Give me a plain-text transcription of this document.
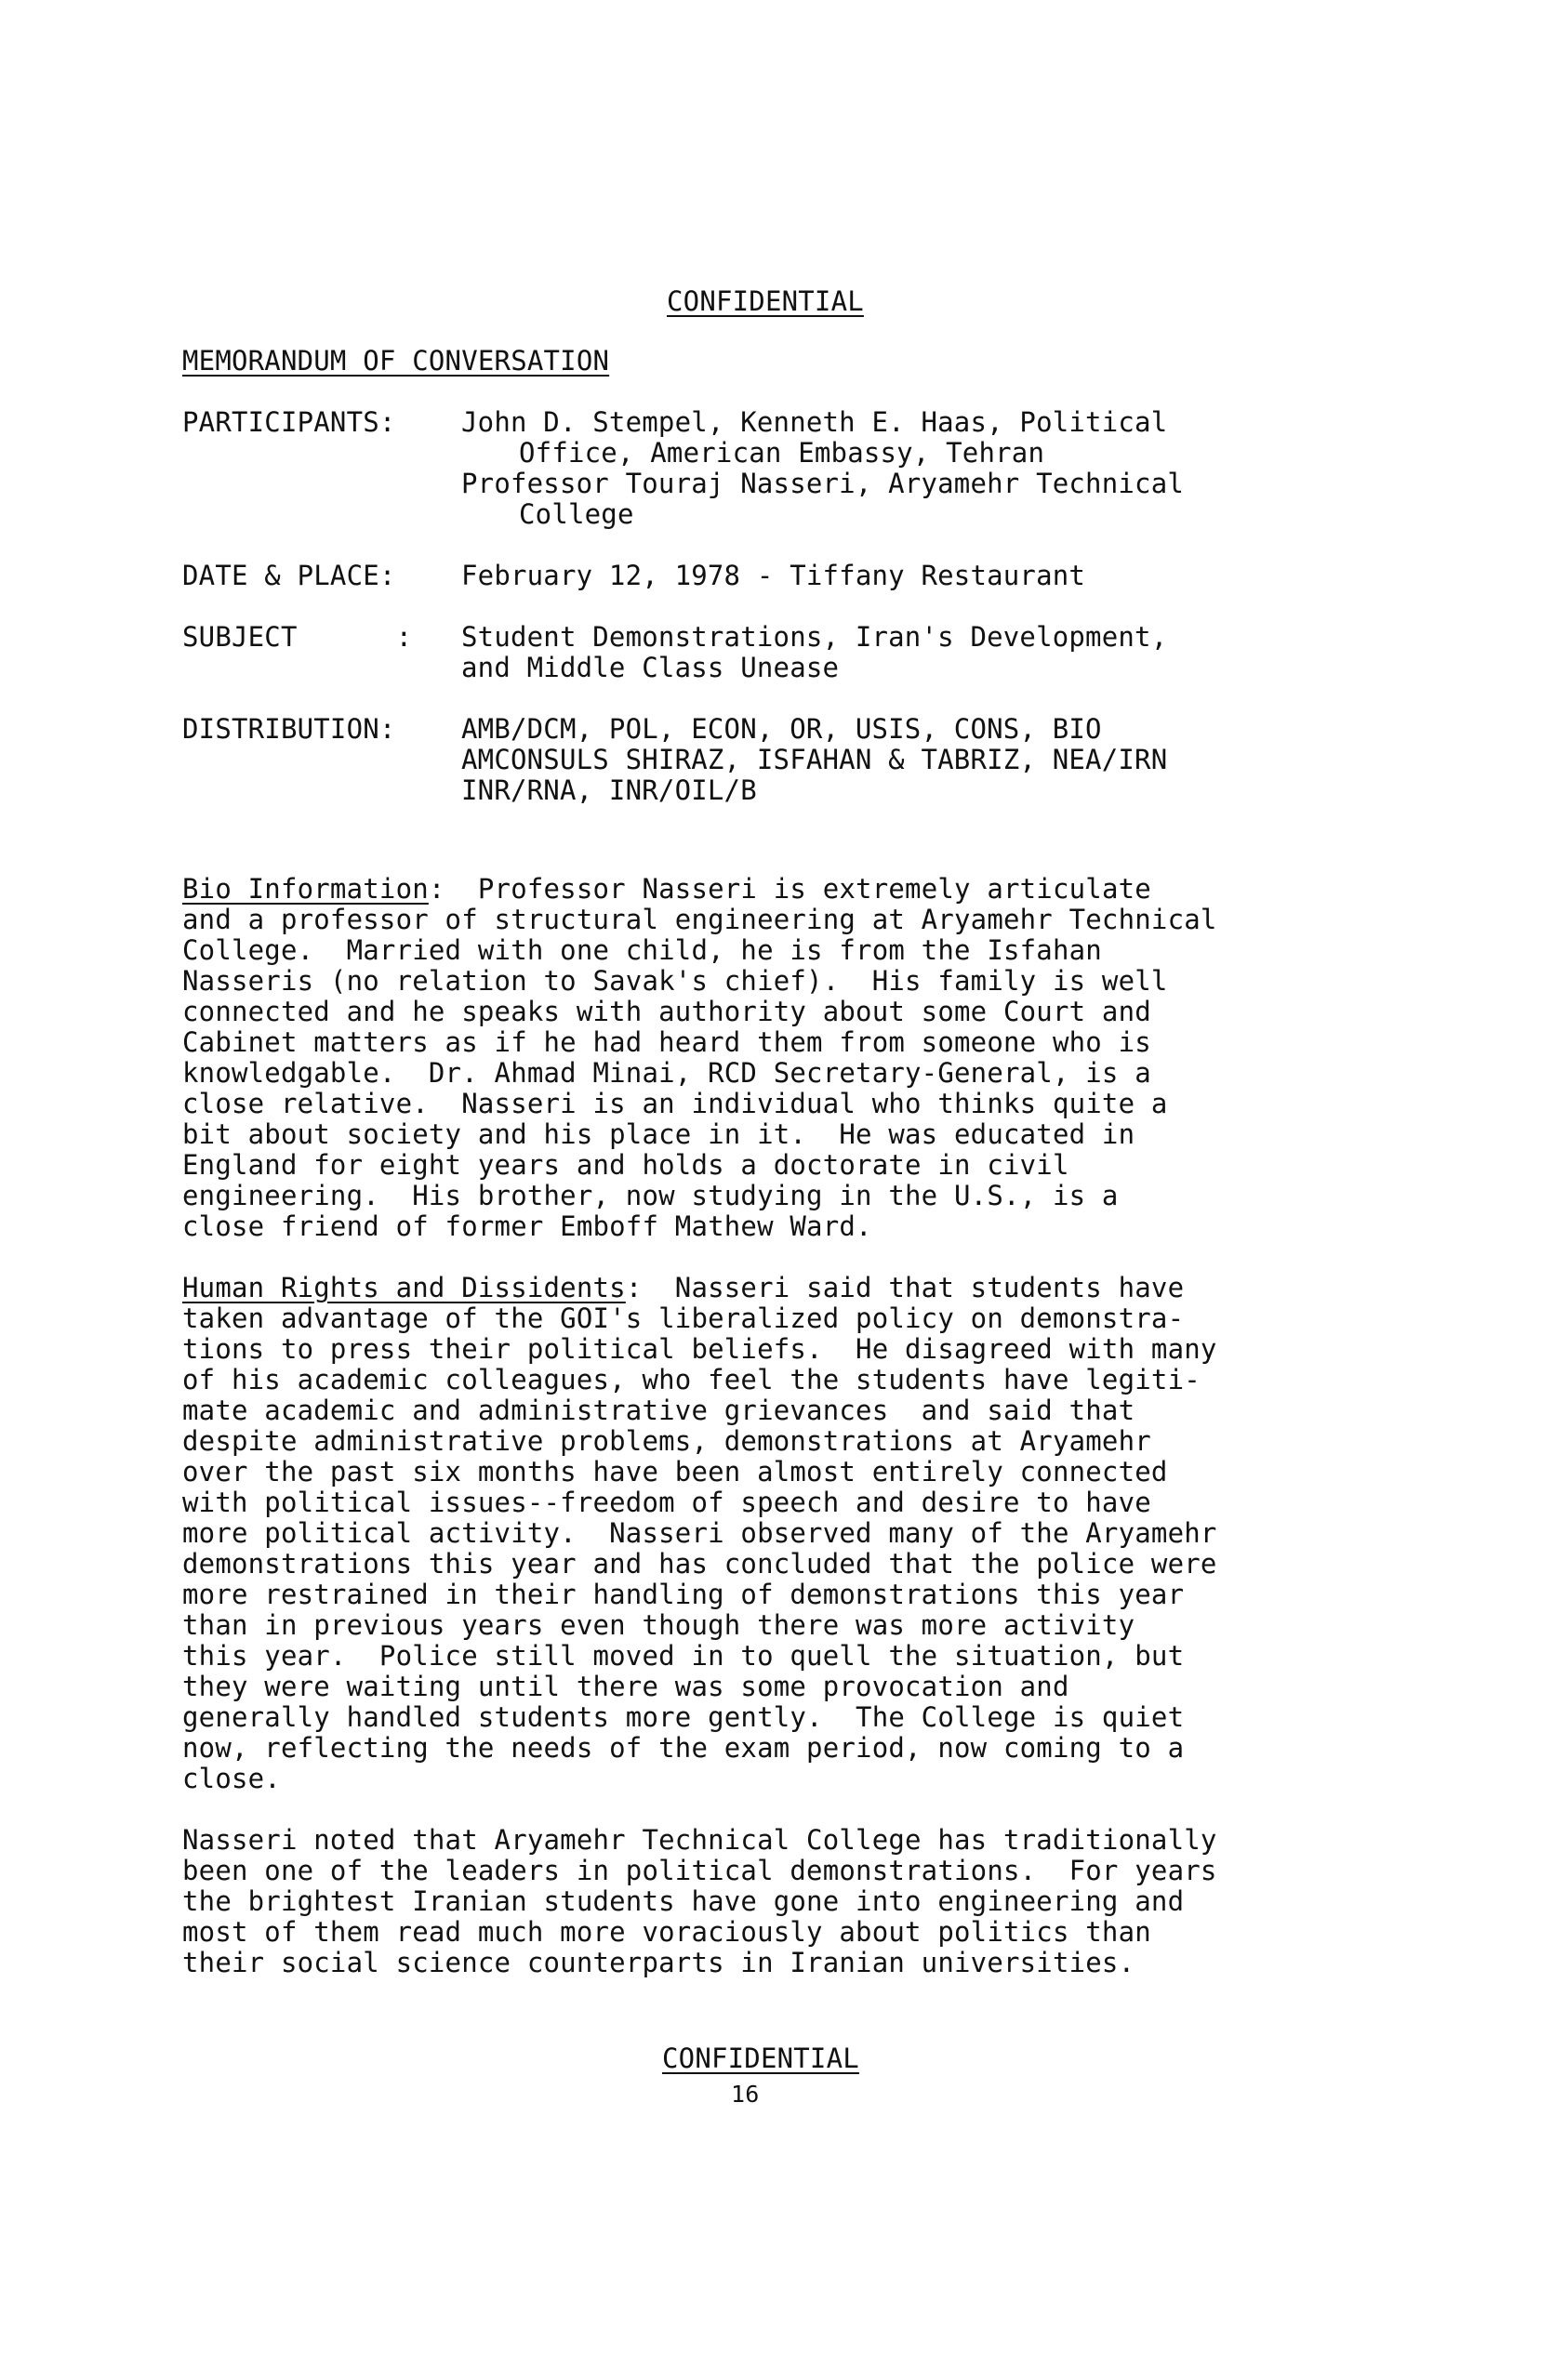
CONFIDENTIAL
MEMORANDUM OF CONVERSATION
PARTICIPANTS:	John D. Stempel, Kenneth E. Haas, Political
Office, American Embassy, Tehran
Professor Touraj Nasseri, Aryamehr Technical
College
DATE & PLACE:	February 12, 1978 - Tiffany Restaurant
SUBJECT      :	Student Demonstrations, Iran's Development,
and Middle Class Unease
DISTRIBUTION:	AMB/DCM, POL, ECON, OR, USIS, CONS, BIO
AMCONSULS SHIRAZ, ISFAHAN & TABRIZ, NEA/IRN
INR/RNA, INR/OIL/B
Bio Information:  Professor Nasseri is extremely articulate
and a professor of structural engineering at Aryamehr Technical
College.  Married with one child, he is from the Isfahan
Nasseris (no relation to Savak's chief).  His family is well
connected and he speaks with authority about some Court and
Cabinet matters as if he had heard them from someone who is
knowledgable.  Dr. Ahmad Minai, RCD Secretary-General, is a
close relative.  Nasseri is an individual who thinks quite a
bit about society and his place in it.  He was educated in
England for eight years and holds a doctorate in civil
engineering.  His brother, now studying in the U.S., is a
close friend of former Emboff Mathew Ward.
Human Rights and Dissidents:  Nasseri said that students have
taken advantage of the GOI's liberalized policy on demonstra-
tions to press their political beliefs.  He disagreed with many
of his academic colleagues, who feel the students have legiti-
mate academic and administrative grievances  and said that
despite administrative problems, demonstrations at Aryamehr
over the past six months have been almost entirely connected
with political issues--freedom of speech and desire to have
more political activity.  Nasseri observed many of the Aryamehr
demonstrations this year and has concluded that the police were
more restrained in their handling of demonstrations this year
than in previous years even though there was more activity
this year.  Police still moved in to quell the situation, but
they were waiting until there was some provocation and
generally handled students more gently.  The College is quiet
now, reflecting the needs of the exam period, now coming to a
close.
Nasseri noted that Aryamehr Technical College has traditionally
been one of the leaders in political demonstrations.  For years
the brightest Iranian students have gone into engineering and
most of them read much more voraciously about politics than
their social science counterparts in Iranian universities.
CONFIDENTIAL
16
